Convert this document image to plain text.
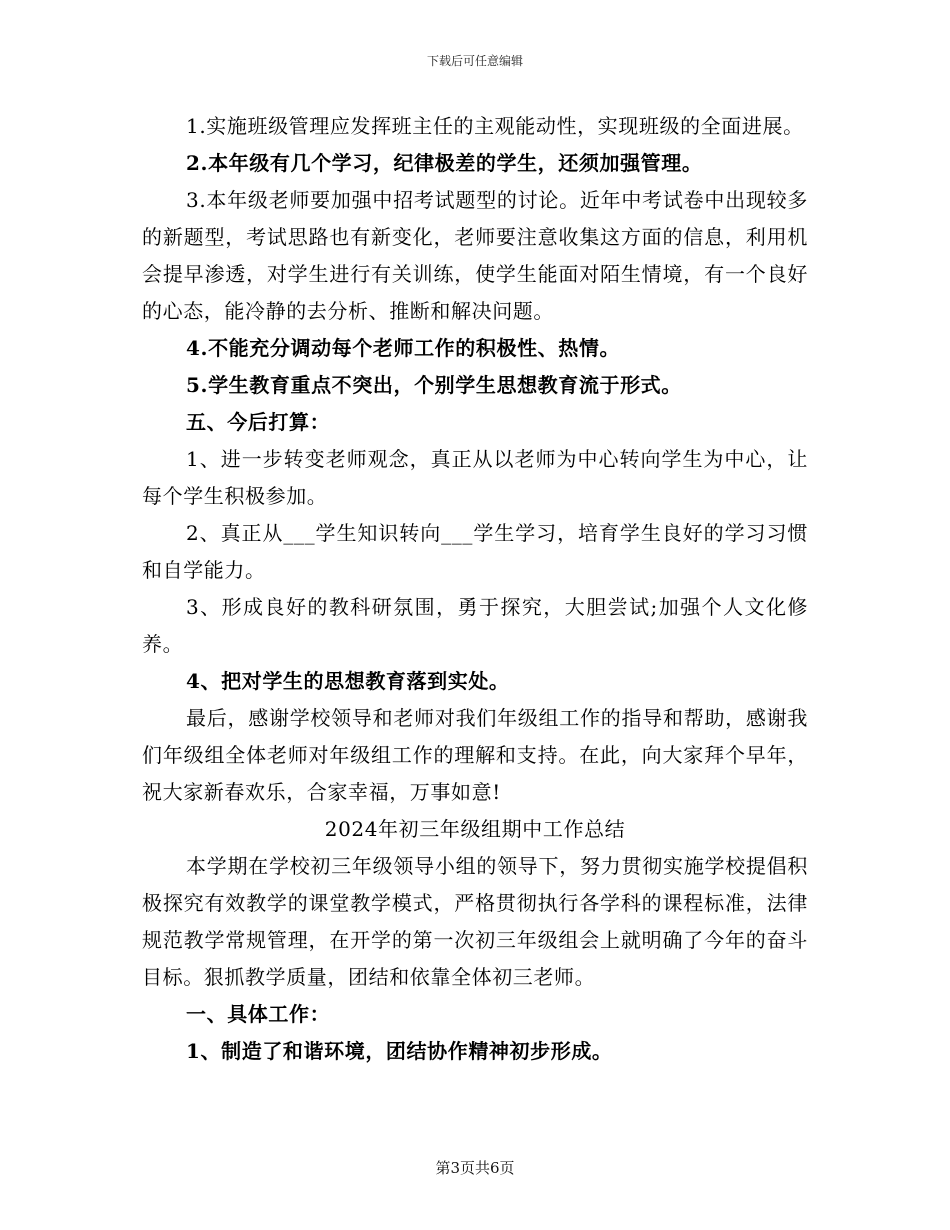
下载后可任意编辑

1.实施班级管理应发挥班主任的主观能动性，实现班级的全面进展。

2.本年级有几个学习，纪律极差的学生，还须加强管理。

3.本年级老师要加强中招考试题型的讨论。近年中考试卷中出现较多的新题型，考试思路也有新变化，老师要注意收集这方面的信息，利用机会提早渗透，对学生进行有关训练，使学生能面对陌生情境，有一个良好的心态，能冷静的去分析、推断和解决问题。

4.不能充分调动每个老师工作的积极性、热情。

5.学生教育重点不突出，个别学生思想教育流于形式。

五、今后打算：

1、进一步转变老师观念，真正从以老师为中心转向学生为中心，让每个学生积极参加。

2、真正从___学生知识转向___学生学习，培育学生良好的学习习惯和自学能力。

3、形成良好的教科研氛围，勇于探究，大胆尝试;加强个人文化修养。

4、把对学生的思想教育落到实处。

最后，感谢学校领导和老师对我们年级组工作的指导和帮助，感谢我们年级组全体老师对年级组工作的理解和支持。在此，向大家拜个早年，祝大家新春欢乐，合家幸福，万事如意!

2024年初三年级组期中工作总结

本学期在学校初三年级领导小组的领导下，努力贯彻实施学校提倡积极探究有效教学的课堂教学模式，严格贯彻执行各学科的课程标准，法律规范教学常规管理，在开学的第一次初三年级组会上就明确了今年的奋斗目标。狠抓教学质量，团结和依靠全体初三老师。

一、具体工作：

1、制造了和谐环境，团结协作精神初步形成。

第3页共6页
